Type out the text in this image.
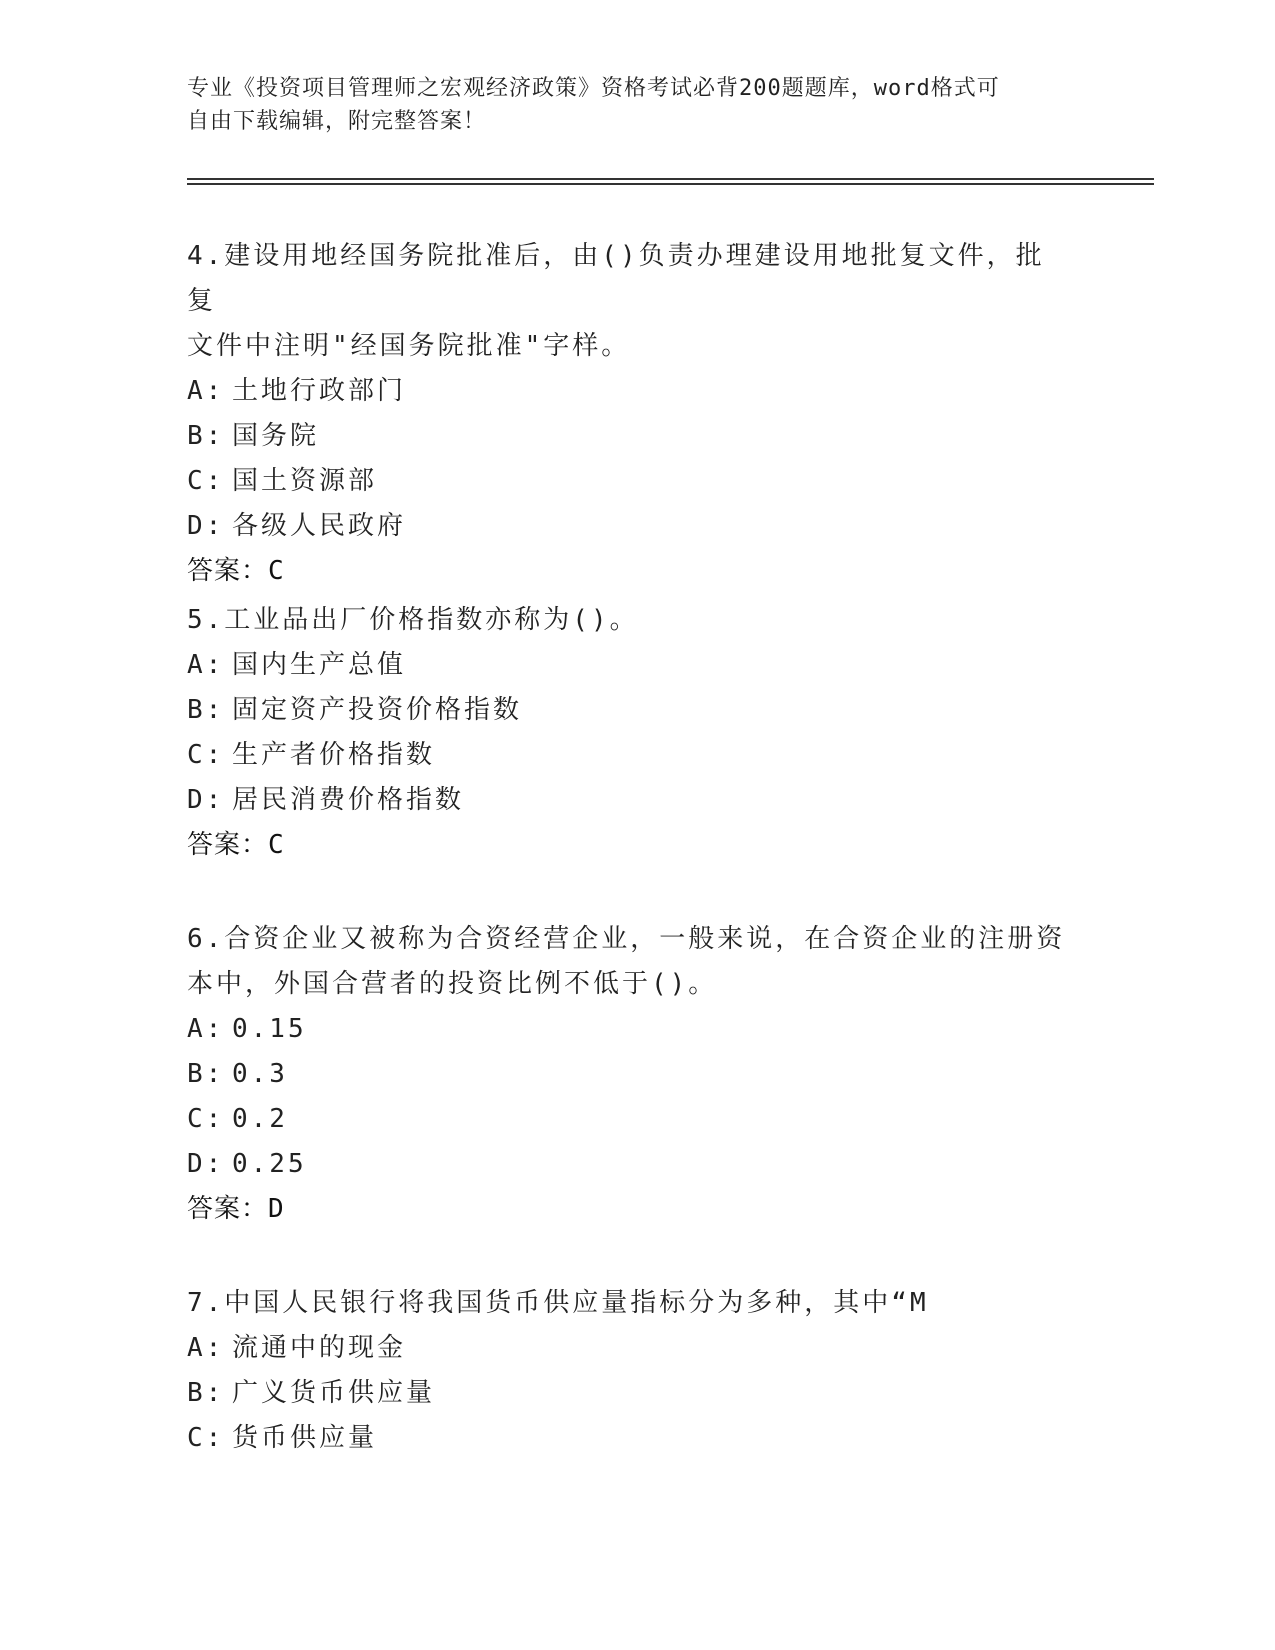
专业《投资项目管理师之宏观经济政策》资格考试必背200题题库，word格式可
自由下载编辑，附完整答案！

4.建设用地经国务院批准后，由()负责办理建设用地批复文件，批复

文件中注明"经国务院批准"字样。

A: 土地行政部门

B: 国务院

C: 国土资源部

D: 各级人民政府

答案：C

5.工业品出厂价格指数亦称为()。

A: 国内生产总值

B: 固定资产投资价格指数

C: 生产者价格指数

D: 居民消费价格指数

答案：C

6.合资企业又被称为合资经营企业，一般来说，在合资企业的注册资

本中，外国合营者的投资比例不低于()。

A: 0.15

B: 0.3

C: 0.2

D: 0.25

答案：D

7.中国人民银行将我国货币供应量指标分为多种，其中“M

A: 流通中的现金

B: 广义货币供应量

C: 货币供应量
